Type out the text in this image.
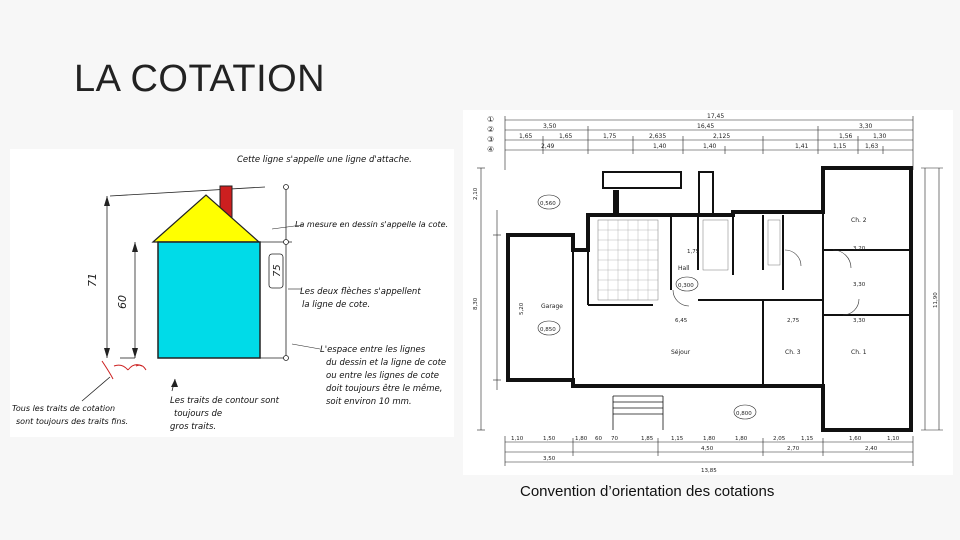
LA COTATION
71
60
75
Cette ligne s'appelle une ligne d'attache.
La mesure en dessin s'appelle la cote.
Les deux flèches s'appellent
la ligne de cote.
L'espace entre les lignes
du dessin et la ligne de cote
ou entre les lignes de cote
doit toujours être le même,
soit environ 10 mm.
Tous les traits de cotation
sont toujours des traits fins.
Les traits de contour sont
toujours de
gros traits.
①
②
③
④
17,45
16,45
3,50	3,30
1,65	1,65	1,75	2,635	2,125	1,56	1,30
2,49	1,40	1,40	1,41	1,15	1,63
Garage
Hall
Séjour	Ch. 1
Ch. 2
Ch. 3
0,560
0,300
0,850
0,800
1,75	3,20
6,45	2,75	3,30
3,30
2,10
5,20
8,30	11,90
1,10	1,50	1,80 60 70	1,85	1,15	1,80	1,80	2,05	1,15	1,60	1,10
3,50
4,50	2,70	2,40
13,85
Convention d’orientation des cotations
